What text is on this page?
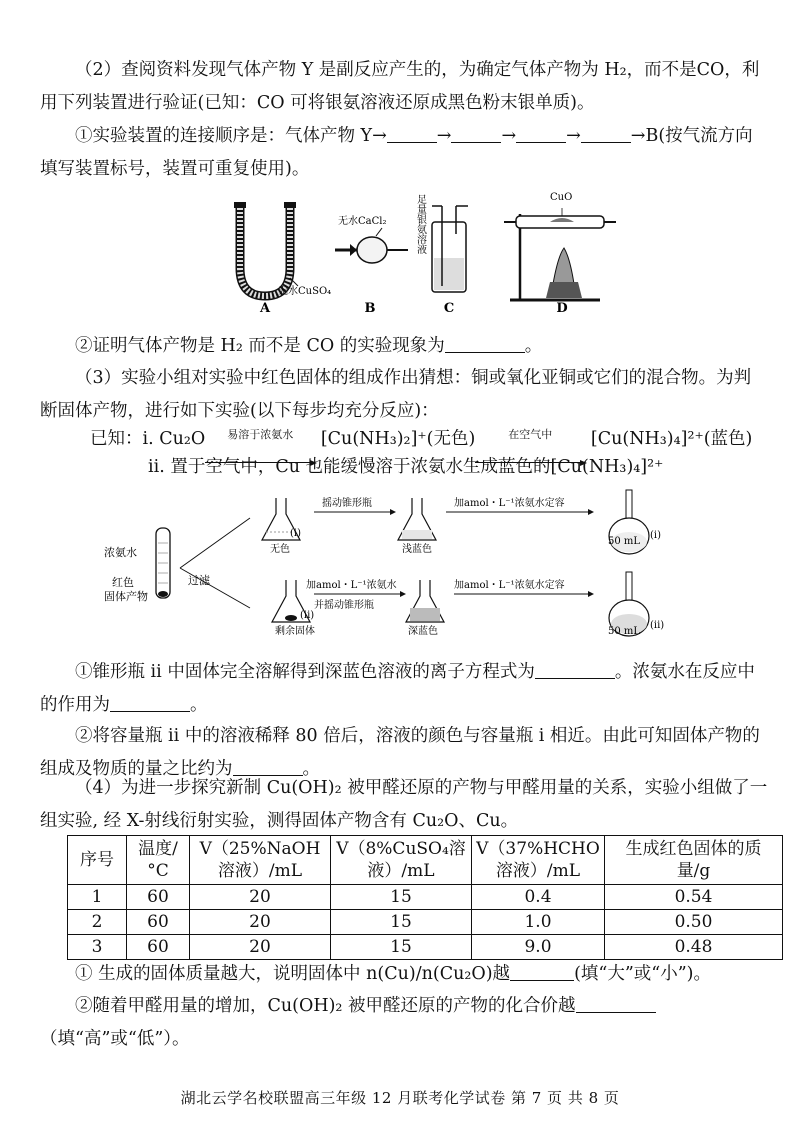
（2）查阅资料发现气体产物 Y 是副反应产生的，为确定气体产物为 H₂，而不是CO，利用下列装置进行验证(已知：CO 可将银氨溶液还原成黑色粉末银单质)。
①实验装置的连接顺序是：气体产物 Y→	→	→	→	→B(按气流方向填写装置标号，装置可重复使用)。
A
无水CuSO₄
B
无水CaCl₂
C
足量银氨溶液
D
CuO
②证明气体产物是 H₂ 而不是 CO 的实验现象为	。
（3）实验小组对实验中红色固体的组成作出猜想：铜或氧化亚铜或它们的混合物。为判断固体产物，进行如下实验(以下每步均充分反应)：
已知：i. Cu₂O 易溶于浓氨水 [Cu(NH₃)₂]⁺(无色)	在空气中 [Cu(NH₃)₄]²⁺(蓝色)
ii. 置于空气中，Cu 也能缓慢溶于浓氨水生成蓝色的[Cu(NH₃)₄]²⁺
浓氨水
红色
固体产物
过滤
无色
(i)
摇动锥形瓶
浅蓝色
加amol・L⁻¹浓氨水定容
50 mL
(i)
剩余固体
(ii)
加amol・L⁻¹浓氨水
并摇动锥形瓶
深蓝色
加amol・L⁻¹浓氨水定容
50 mL
(ii)
①锥形瓶 ii 中固体完全溶解得到深蓝色溶液的离子方程式为	。浓氨水在反应中的作用为	。
②将容量瓶 ii 中的溶液稀释 80 倍后，溶液的颜色与容量瓶 i 相近。由此可知固体产物的组成及物质的量之比约为	。
（4）为进一步探究新制 Cu(OH)₂ 被甲醛还原的产物与甲醛用量的关系，实验小组做了一组实验, 经 X-射线衍射实验，测得固体产物含有 Cu₂O、Cu。
序号	温度/°C	V（25%NaOH溶液）/mL	V（8%CuSO₄溶液）/mL	V（37%HCHO溶液）/mL	生成红色固体的质量/g
1	60	20	15	0.4	0.54
2	60	20	15	1.0	0.50
3	60	20	15	9.0	0.48
① 生成的固体质量越大，说明固体中 n(Cu)/n(Cu₂O)越	(填“大”或“小”)。
②随着甲醛用量的增加，Cu(OH)₂ 被甲醛还原的产物的化合价越（填“高”或“低”）。
湖北云学名校联盟高三年级 12 月联考化学试卷 第 7 页 共 8 页
